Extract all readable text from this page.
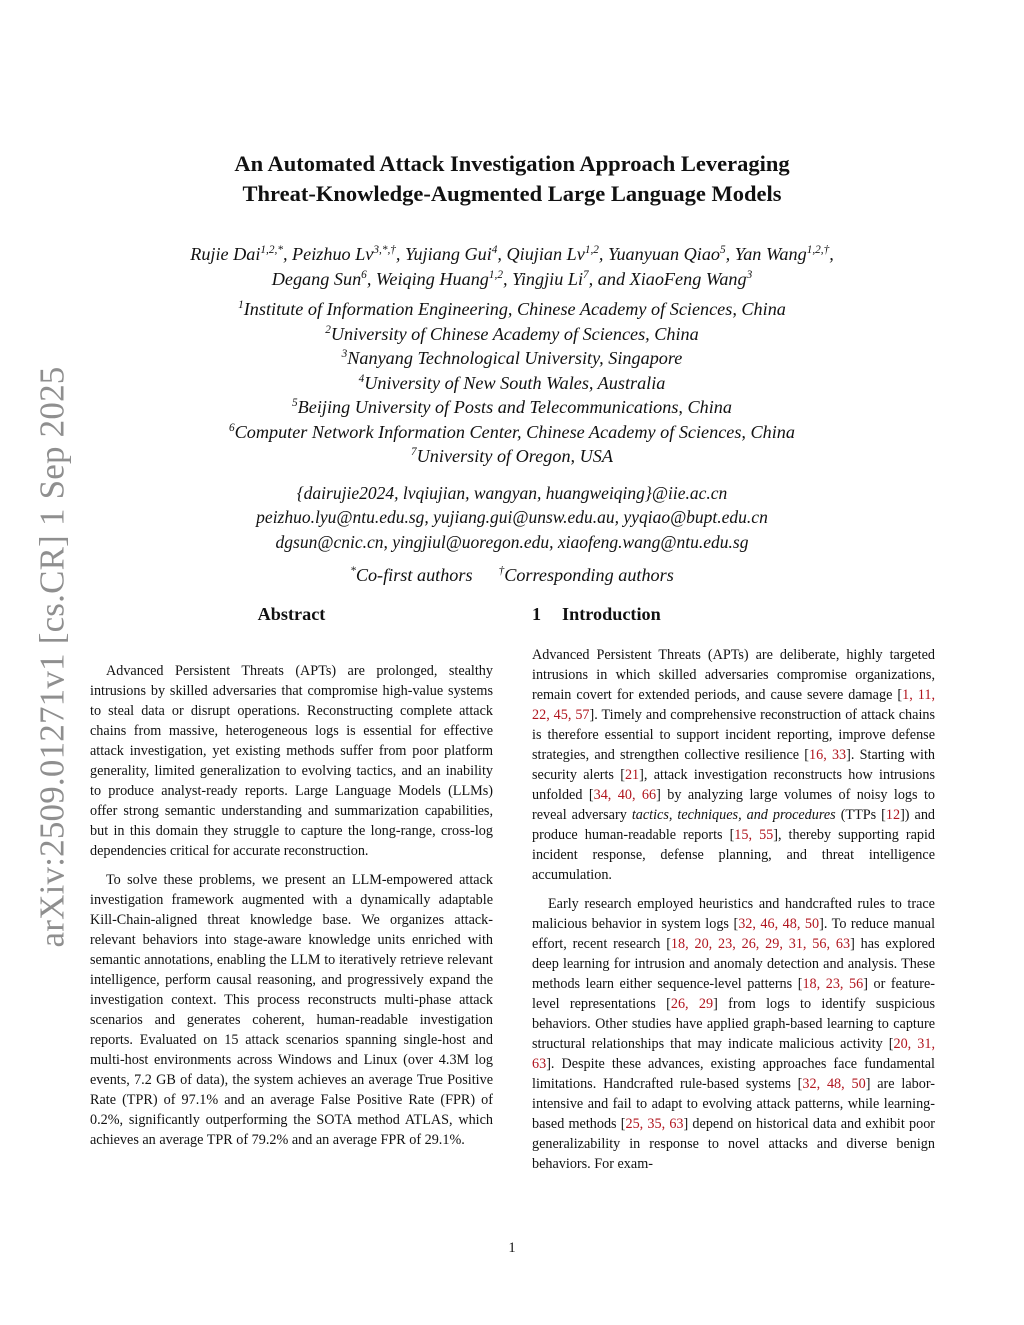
arXiv:2509.01271v1 [cs.CR] 1 Sep 2025
An Automated Attack Investigation Approach Leveraging
Threat-Knowledge-Augmented Large Language Models
Rujie Dai$^{1,2,*}$, Peizhuo $Lv^{3,*,\dagger}$, Yujiang Gui$^4$, Qiujian Lv$^{1,2}$, Yuanyuan Qiao$^5$, Yan Wang$^{1,2,\dagger}$,
Degang Sun$^6$, Weiqing Huang$^{1,2}$, Yingjiu Li$^7$, and XiaoFeng Wang$^3$
$^1$Institute of Information Engineering, Chinese Academy of Sciences, China
$^2$University of Chinese Academy of Sciences, China
$^3$Nanyang Technological University, Singapore
$^4$University of New South Wales, Australia
$^5$Beijing University of Posts and Telecommunications, China
$^6$Computer Network Information Center, Chinese Academy of Sciences, China
$^7$University of Oregon, USA
{dairujie2024, lvqiujian, wangyan, huangweiqing}@iie.ac.cn
peizhuo.lyu@ntu.edu.sg, yujiang.gui@unsw.edu.au, yyqiao@bupt.edu.cn
dgsun@cnic.cn, yingjiul@uoregon.edu, xiaofeng.wang@ntu.edu.sg
*Co-first authors †Corresponding authors
Abstract	1 Introduction

Advanced Persistent Threats (APTs) are prolonged, stealthy intrusions by skilled adversaries that compromise high-value systems to steal data or disrupt operations. Reconstructing complete attack chains from massive, heterogeneous logs is essential for effective attack investigation, yet existing methods suffer from poor platform generality, limited generalization to evolving tactics, and an inability to produce analyst-ready reports. Large Language Models (LLMs) offer strong semantic understanding and summarization capabilities, but in this domain they struggle to capture the long-range, cross-log dependencies critical for accurate reconstruction.

To solve these problems, we present an LLM-empowered attack investigation framework augmented with a dynamically adaptable Kill-Chain-aligned threat knowledge base. We organizes attack-relevant behaviors into stage-aware knowledge units enriched with semantic annotations, enabling the LLM to iteratively retrieve relevant intelligence, perform causal reasoning, and progressively expand the investigation context. This process reconstructs multi-phase attack scenarios and generates coherent, human-readable investigation reports. Evaluated on 15 attack scenarios spanning single-host and multi-host environments across Windows and Linux (over 4.3M log events, 7.2 GB of data), the system achieves an average True Positive Rate (TPR) of 97.1% and an average False Positive Rate (FPR) of 0.2%, significantly outperforming the SOTA method ATLAS, which achieves an average TPR of 79.2% and an average FPR of 29.1%.

Advanced Persistent Threats (APTs) are deliberate, highly targeted intrusions in which skilled adversaries compromise organizations, remain covert for extended periods, and cause severe damage [1, 11, 22, 45, 57]. Timely and comprehensive reconstruction of attack chains is therefore essential to support incident reporting, improve defense strategies, and strengthen collective resilience [16, 33]. Starting with security alerts [21], attack investigation reconstructs how intrusions unfolded [34, 40, 66] by analyzing large volumes of noisy logs to reveal adversary tactics, techniques, and procedures (TTPs [12]) and produce human-readable reports [15, 55], thereby supporting rapid incident response, defense planning, and threat intelligence accumulation.

Early research employed heuristics and handcrafted rules to trace malicious behavior in system logs [32, 46, 48, 50]. To reduce manual effort, recent research [18, 20, 23, 26, 29, 31, 56, 63] has explored deep learning for intrusion and anomaly detection and analysis. These methods learn either sequence-level patterns [18, 23, 56] or feature-level representations [26, 29] from logs to identify suspicious behaviors. Other studies have applied graph-based learning to capture structural relationships that may indicate malicious activity [20, 31, 63]. Despite these advances, existing approaches face fundamental limitations. Handcrafted rule-based systems [32, 48, 50] are labor-intensive and fail to adapt to evolving attack patterns, while learning-based methods [25, 35, 63] depend on historical data and exhibit poor generalizability in response to novel attacks and diverse benign behaviors. For exam-

1
